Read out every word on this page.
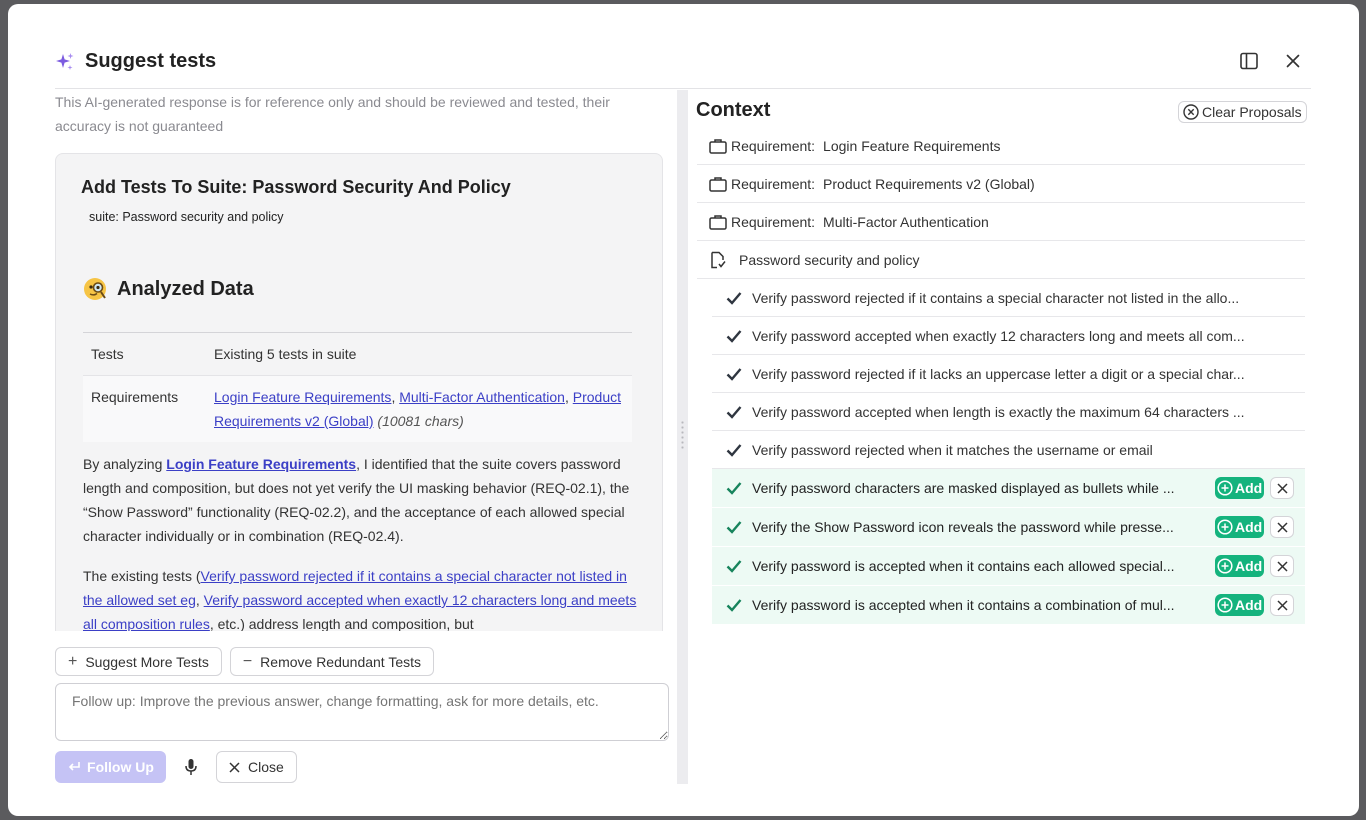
Suggest tests
This AI-generated response is for reference only and should be reviewed and tested, their accuracy is not guaranteed
Add Tests To Suite: Password Security And Policy
suite: Password security and policy
Analyzed Data
Tests	Existing 5 tests in suite
Requirements	Login Feature Requirements, Multi-Factor Authentication, Product Requirements v2 (Global) (10081 chars)
By analyzing Login Feature Requirements, I identified that the suite covers password length and composition, but does not yet verify the UI masking behavior (REQ-02.1), the “Show Password” functionality (REQ-02.2), and the acceptance of each allowed special character individually or in combination (REQ-02.4).
The existing tests (Verify password rejected if it contains a special character not listed in the allowed set eg, Verify password accepted when exactly 12 characters long and meets all composition rules, etc.) address length and composition, but
+ Suggest More Tests − Remove Redundant Tests
Follow up: Improve the previous answer, change formatting, ask for more details, etc.
Follow Up	Close
Context	Clear Proposals
Requirement: Login Feature Requirements
Requirement: Product Requirements v2 (Global)
Requirement: Multi-Factor Authentication
Password security and policy
Verify password rejected if it contains a special character not listed in the allo...
Verify password accepted when exactly 12 characters long and meets all com...
Verify password rejected if it lacks an uppercase letter a digit or a special char...
Verify password accepted when length is exactly the maximum 64 characters ...
Verify password rejected when it matches the username or email
Verify password characters are masked displayed as bullets while ...	Add
Verify the Show Password icon reveals the password while presse...	Add
Verify password is accepted when it contains each allowed special...	Add
Verify password is accepted when it contains a combination of mul...	Add
